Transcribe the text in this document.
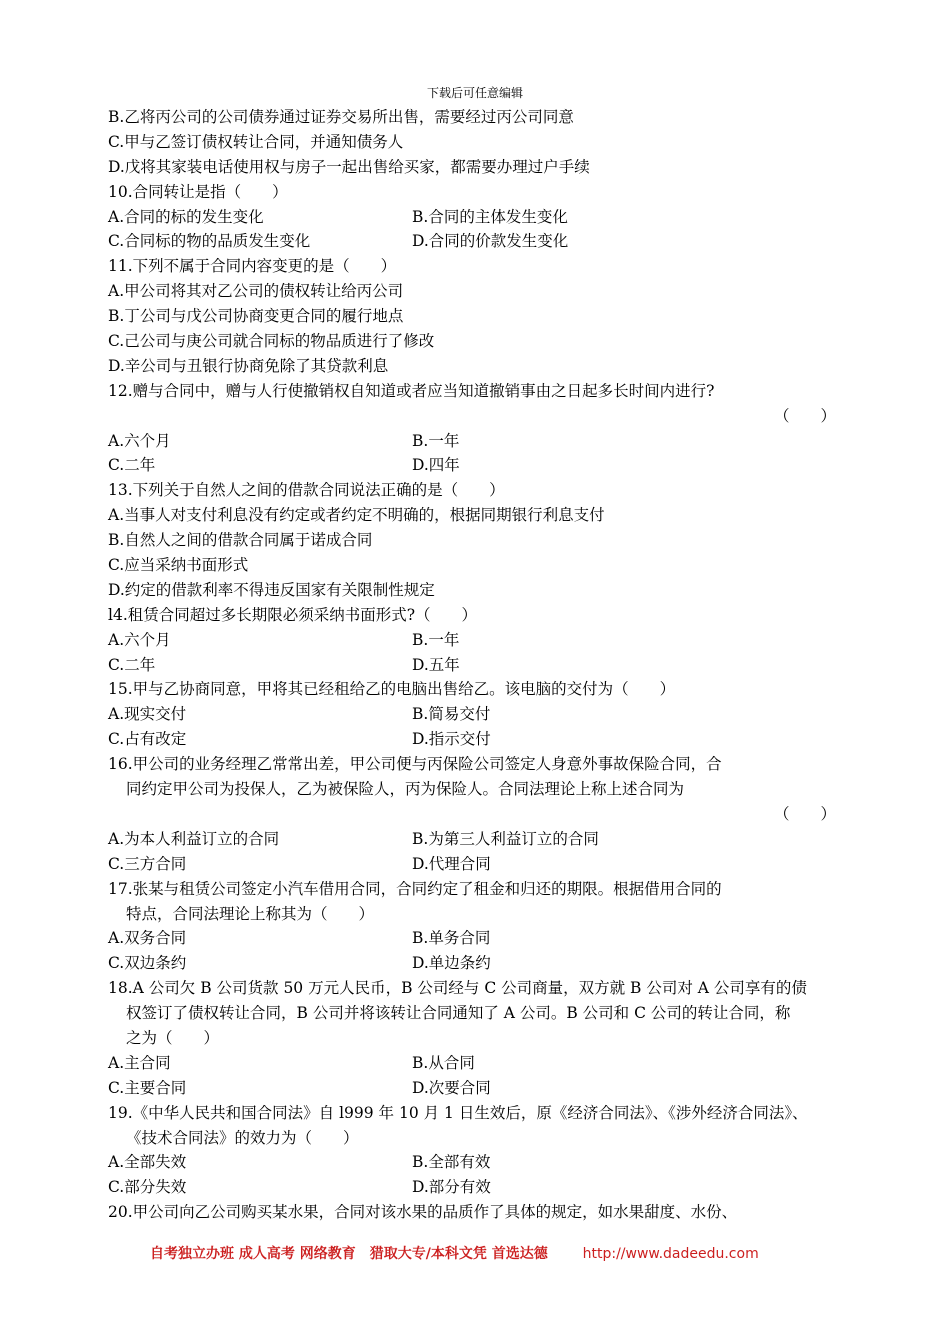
下载后可任意编辑
B.乙将丙公司的公司债券通过证券交易所出售，需要经过丙公司同意
C.甲与乙签订债权转让合同，并通知债务人
D.戊将其家装电话使用权与房子一起出售给买家，都需要办理过户手续
10.合同转让是指（　　）
A.合同的标的发生变化	B.合同的主体发生变化
C.合同标的物的品质发生变化	D.合同的价款发生变化
11.下列不属于合同内容变更的是（　　）
A.甲公司将其对乙公司的债权转让给丙公司
B.丁公司与戊公司协商变更合同的履行地点
C.己公司与庚公司就合同标的物品质进行了修改
D.辛公司与丑银行协商免除了其贷款利息
12.赠与合同中，赠与人行使撤销权自知道或者应当知道撤销事由之日起多长时间内进行?
（　　）
A.六个月	B.一年
C.二年	D.四年
13.下列关于自然人之间的借款合同说法正确的是（　　）
A.当事人对支付利息没有约定或者约定不明确的，根据同期银行利息支付
B.自然人之间的借款合同属于诺成合同
C.应当采纳书面形式
D.约定的借款利率不得违反国家有关限制性规定
l4.租赁合同超过多长期限必须采纳书面形式?（　　）
A.六个月	B.一年
C.二年	D.五年
15.甲与乙协商同意，甲将其已经租给乙的电脑出售给乙。该电脑的交付为（　　）
A.现实交付	B.简易交付
C.占有改定	D.指示交付
16.甲公司的业务经理乙常常出差，甲公司便与丙保险公司签定人身意外事故保险合同，合
同约定甲公司为投保人，乙为被保险人，丙为保险人。合同法理论上称上述合同为
（　　）
A.为本人利益订立的合同	B.为第三人利益订立的合同
C.三方合同	D.代理合同
17.张某与租赁公司签定小汽车借用合同，合同约定了租金和归还的期限。根据借用合同的
特点，合同法理论上称其为（　　）
A.双务合同	B.单务合同
C.双边条约	D.单边条约
18.A 公司欠 B 公司货款 50 万元人民币，B 公司经与 C 公司商量，双方就 B 公司对 A 公司享有的债
权签订了债权转让合同，B 公司并将该转让合同通知了 A 公司。B 公司和 C 公司的转让合同，称
之为（　　）
A.主合同	B.从合同
C.主要合同	D.次要合同
19.《中华人民共和国合同法》自 l999 年 10 月 1 日生效后，原《经济合同法》、《涉外经济合同法》、
《技术合同法》的效力为（　　）
A.全部失效	B.全部有效
C.部分失效	D.部分有效
20.甲公司向乙公司购买某水果，合同对该水果的品质作了具体的规定，如水果甜度、水份、
自考独立办班 成人高考 网络教育　猎取大专/本科文凭 首选达德 http://www.dadeedu.com
